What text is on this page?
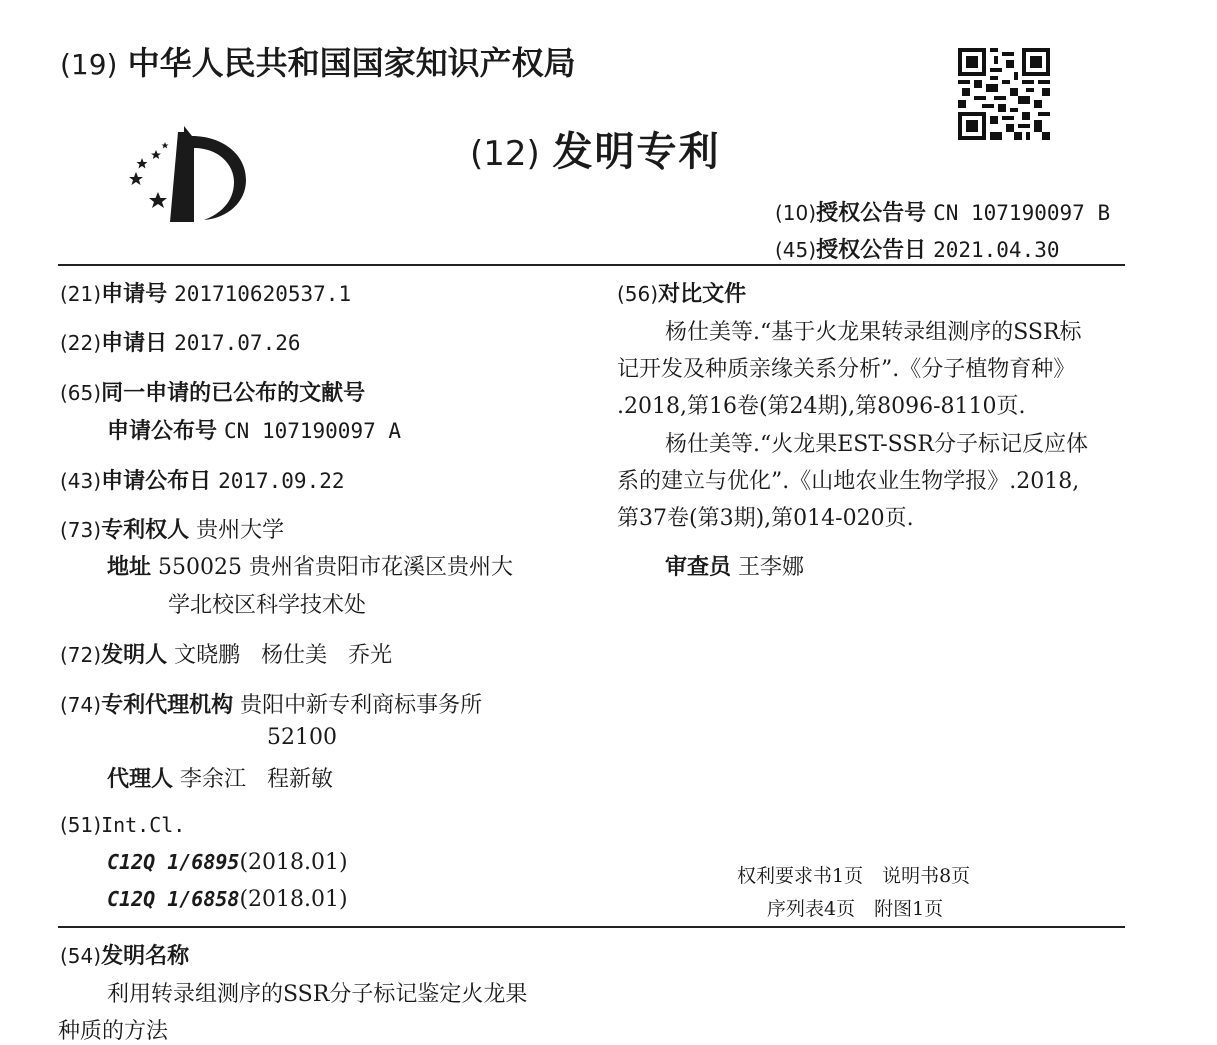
(19) 中华人民共和国国家知识产权局
(12) 发明专利
(10)授权公告号 CN 107190097 B
(45)授权公告日 2021.04.30
(21)申请号 201710620537.1
(22)申请日 2017.07.26
(65)同一申请的已公布的文献号
申请公布号 CN 107190097 A
(43)申请公布日 2017.09.22
(73)专利权人 贵州大学
地址 550025 贵州省贵阳市花溪区贵州大
学北校区科学技术处
(72)发明人 文晓鹏 杨仕美 乔光
(74)专利代理机构 贵阳中新专利商标事务所
52100
代理人 李余江 程新敏
(51)Int.Cl.
C12Q 1/6895(2018.01)
C12Q 1/6858(2018.01)
(56)对比文件
杨仕美等.“基于火龙果转录组测序的SSR标
记开发及种质亲缘关系分析”.《分子植物育种》
.2018,第16卷(第24期),第8096-8110页.
杨仕美等.“火龙果EST-SSR分子标记反应体
系的建立与优化”.《山地农业生物学报》.2018,
第37卷(第3期),第014-020页.
审查员 王李娜
权利要求书1页　说明书8页
序列表4页　附图1页
(54)发明名称
利用转录组测序的SSR分子标记鉴定火龙果
种质的方法
